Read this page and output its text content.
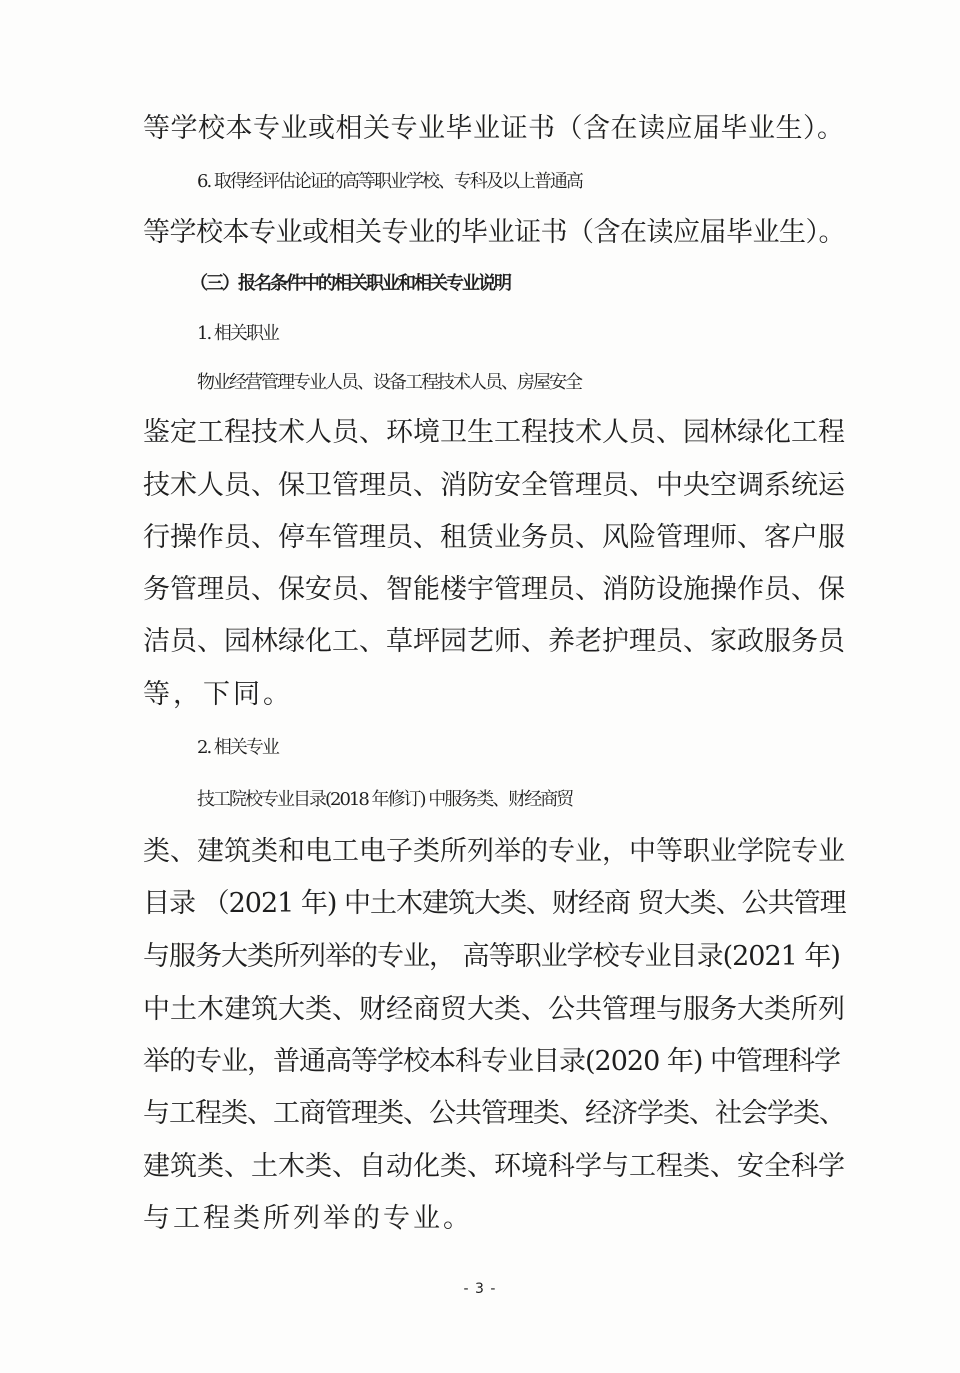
等学校本专业或相关专业毕业证书（含在读应届毕业生）。
6. 取得经评估论证的高等职业学校、专科及以上普通高
等学校本专业或相关专业的毕业证书（含在读应届毕业生）。
（三）报名条件中的相关职业和相关专业说明
1. 相关职业
物业经营管理专业人员、设备工程技术人员、房屋安全
鉴定工程技术人员、环境卫生工程技术人员、园林绿化工程
技术人员、保卫管理员、消防安全管理员、中央空调系统运
行操作员、停车管理员、租赁业务员、风险管理师、客户服
务管理员、保安员、智能楼宇管理员、消防设施操作员、保
洁员、园林绿化工、草坪园艺师、养老护理员、家政服务员
等，下同。
2. 相关专业
技工院校专业目录(2018 年修订) 中服务类、财经商贸
类、建筑类和电工电子类所列举的专业，中等职业学院专业
目录 （2021 年) 中土木建筑大类、财经商 贸大类、公共管理
与服务大类所列举的专业， 高等职业学校专业目录(2021 年)
中土木建筑大类、财经商贸大类、公共管理与服务大类所列
举的专业，普通高等学校本科专业目录(2020 年) 中管理科学
与工程类、工商管理类、公共管理类、经济学类、社会学类、
建筑类、土木类、自动化类、环境科学与工程类、安全科学
与工程类所列举的专业。
- 3 -
